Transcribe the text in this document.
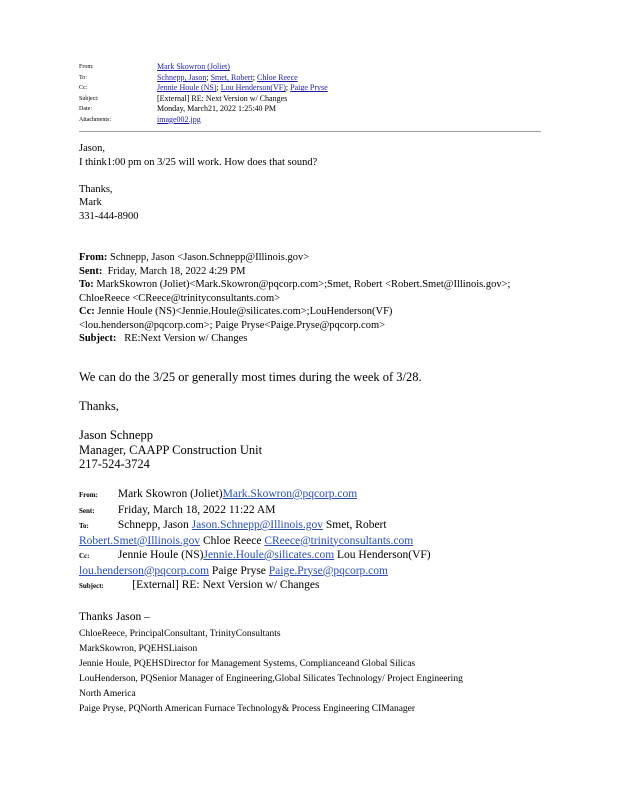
From:	Mark Skowron (Joliet)
To:	Schnepp, Jason; Smet, Robert; Chloe Reece
Cc:	Jennie Houle (NS); Lou Henderson(VF); Paige Pryse
Subject:	[External] RE: Next Version w/ Changes
Date:	Monday, March21, 2022 1:25:40 PM
Attachments:	image002.jpg

Jason,

I think1:00 pm on 3/25 will work. How does that sound?

Thanks,

Mark

331-444-8900

From: Schnepp, Jason <Jason.Schnepp@Illinois.gov>

Sent: Friday, March 18, 2022 4:29 PM

To: MarkSkowron (Joliet)<Mark.Skowron@pqcorp.com>;Smet, Robert <Robert.Smet@Illinois.gov>;

ChloeReece <CReece@trinityconsultants.com>

Cc: Jennie Houle (NS)<Jennie.Houle@silicates.com>;LouHenderson(VF)

<lou.henderson@pqcorp.com>; Paige Pryse<Paige.Pryse@pqcorp.com>

Subject: RE:Next Version w/ Changes

We can do the 3/25 or generally most times during the week of 3/28.

Thanks,

Jason Schnepp

Manager, CAAPP Construction Unit

217-524-3724

From: Mark Skowron (Joliet)Mark.Skowron@pqcorp.com
Sent: Friday, March 18, 2022 11:22 AM
To:	Schnepp, Jason Jason.Schnepp@Illinois.gov Smet, Robert
Robert.Smet@Illinois.gov Chloe Reece CReece@trinityconsultants.com
Cc: Jennie Houle (NS)Jennie.Houle@silicates.com Lou Henderson(VF)
lou.henderson@pqcorp.com Paige Pryse Paige.Pryse@pqcorp.com
Subject: [External] RE: Next Version w/ Changes
Thanks Jason –

ChloeReece, PrincipalConsultant, TrinityConsultants

MarkSkowron, PQEHSLiaison

Jennie Houle, PQEHSDirector for Management Systems, Complianceand Global Silicas

LouHenderson, PQSenior Manager of Engineering,Global Silicates Technology/ Project Engineering

North America

Paige Pryse, PQNorth American Furnace Technology& Process Engineering CIManager
